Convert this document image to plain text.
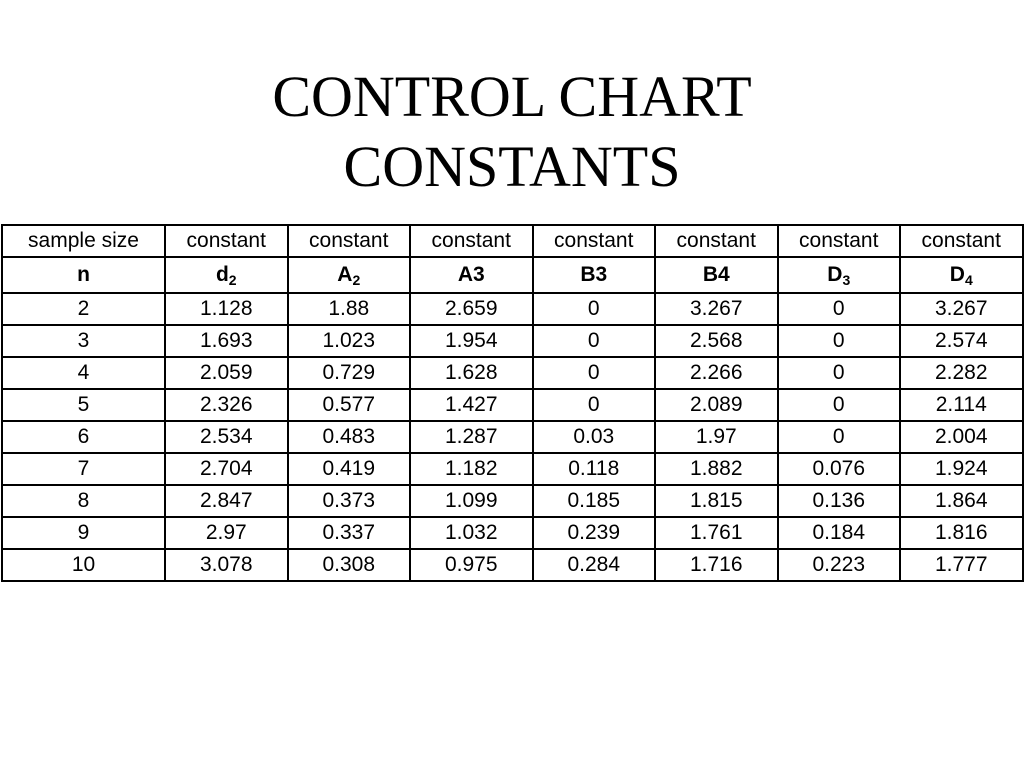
CONTROL CHART
CONSTANTS
sample size	constant	constant	constant	constant	constant	constant	constant
n	$d_2$	$A_2$	A3	B3	B4	$D_3$	$D_4$
2	1.128	1.88	2.659	0	3.267	0	3.267
3	1.693	1.023	1.954	0	2.568	0	2.574
4	2.059	0.729	1.628	0	2.266	0	2.282
5	2.326	0.577	1.427	0	2.089	0	2.114
6	2.534	0.483	1.287	0.03	1.97	0	2.004
7	2.704	0.419	1.182	0.118	1.882	0.076	1.924
8	2.847	0.373	1.099	0.185	1.815	0.136	1.864
9	2.97	0.337	1.032	0.239	1.761	0.184	1.816
10	3.078	0.308	0.975	0.284	1.716	0.223	1.777
